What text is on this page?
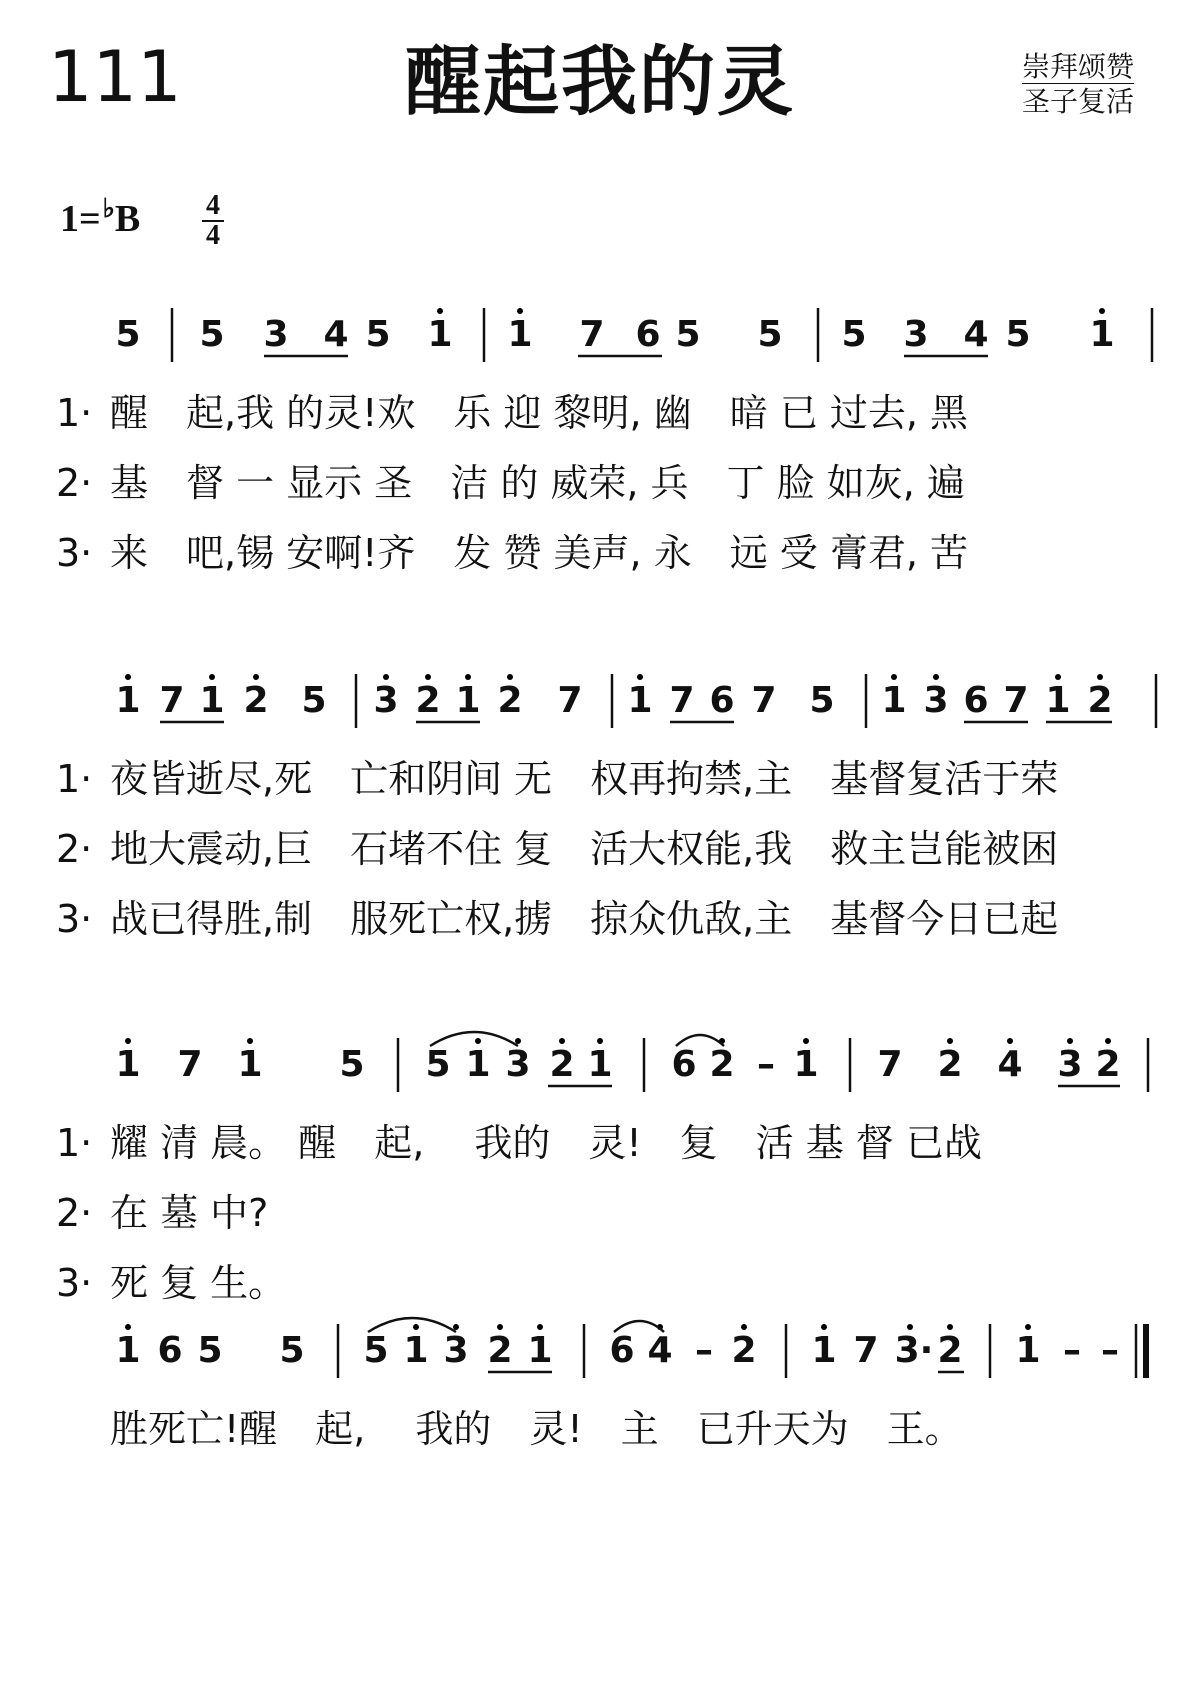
111	醒起我的灵	崇拜颂赞
圣子复活
$1=^♭B \frac{4}{4}$
5 5 3 4 5 1 1 7 6 5 5 5 3 4 5 1
1· 醒　起,我 的灵!欢　乐 迎 黎明, 幽　暗 已 过去, 黑
2· 基　督 一 显示 圣　洁 的 威荣, 兵　丁 脸 如灰, 遍
3· 来　吧,锡 安啊!齐　发 赞 美声, 永　远 受 膏君, 苦
1 7 1 2 5 3 2 1 2 7 1 7 6 7 5 1 3 6 7 1 2
1· 夜皆逝尽,死　亡和阴间 无　权再拘禁,主　基督复活于荣
2· 地大震动,巨　石堵不住 复　活大权能,我　救主岂能被困
3· 战已得胜,制　服死亡权,掳　掠众仇敌,主　基督今日已起
1 7 1 5 5 1 3 2 1 6 2 – 1 7 2 4 3 2
1· 耀 清 晨。 醒　起,　 我的　灵!　复　活 基 督 已战
2· 在 墓 中?
3· 死 复 生。
1 6 5 5 5 1 3 2 1 6 4 – 2 1 7 3· 2 1 – –
胜死亡!醒　起,　 我的　灵!　主　已升天为　王。
